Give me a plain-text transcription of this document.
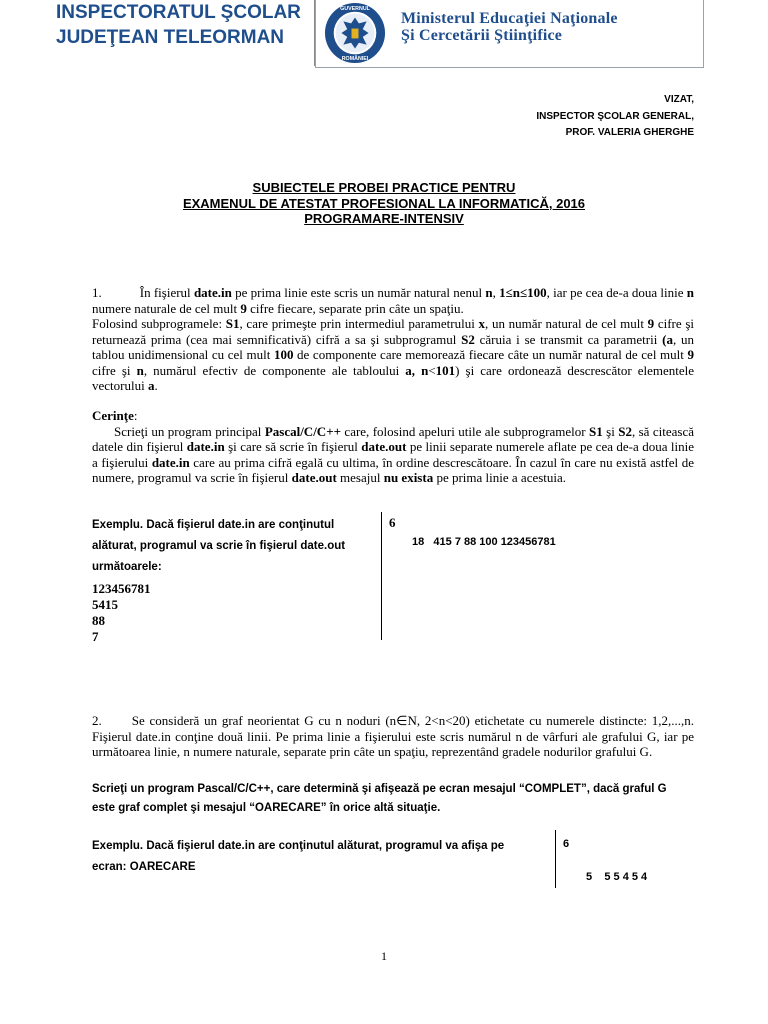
INSPECTORATUL ŞCOLAR
JUDEŢEAN TELEORMAN
GUVERNUL
ROMÂNIEI
Ministerul Educaţiei Naţionale
Şi Cercetării Ştiinţifice
VIZAT,
INSPECTOR ŞCOLAR GENERAL,
PROF. VALERIA GHERGHE
SUBIECTELE PROBEI PRACTICE PENTRU
EXAMENUL DE ATESTAT PROFESIONAL LA INFORMATICĂ, 2016
PROGRAMARE-INTENSIV
1.	În fişierul date.in pe prima linie este scris un număr natural nenul n, 1≤n≤100, iar pe cea de-a doua linie n numere naturale de cel mult 9 cifre fiecare, separate prin câte un spaţiu.
Folosind subprogramele: S1, care primeşte prin intermediul parametrului x, un număr natural de cel mult 9 cifre şi returnează prima (cea mai semnificativă) cifră a sa şi subprogramul S2 căruia i se transmit ca parametrii (a, un tablou unidimensional cu cel mult 100 de componente care memorează fiecare câte un număr natural de cel mult 9 cifre şi n, numărul efectiv de componente ale tabloului a, n<101) şi care ordonează descrescător elementele vectorului a.
Cerinţe:
Scrieţi un program principal Pascal/C/C++ care, folosind apeluri utile ale subprogramelor S1 şi S2, să citească datele din fişierul date.in şi care să scrie în fişierul date.out pe linii separate numerele aflate pe cea de-a doua linie a fişierului date.in care au prima cifră egală cu ultima, în ordine descrescătoare. În cazul în care nu există astfel de numere, programul va scrie în fişierul date.out mesajul nu exista pe prima linie a acestuia.
Exemplu. Dacă fişierul date.in are conţinutul
alăturat, programul va scrie în fişierul date.out
următoarele:
6
18   415 7 88 100 123456781
123456781
5415
88
7
2. Se consideră un graf neorientat G cu n noduri (n∈N, 2<n<20) etichetate cu numerele distincte: 1,2,...,n. Fişierul date.in conţine două linii. Pe prima linie a fişierului este scris numărul n de vârfuri ale grafului G, iar pe următoarea linie, n numere naturale, separate prin câte un spaţiu, reprezentând gradele nodurilor grafului G.
Scrieţi un program Pascal/C/C++, care determină şi afişează pe ecran mesajul “COMPLET”, dacă graful G
este graf complet şi mesajul “OARECARE” în orice altă situaţie.
Exemplu. Dacă fişierul date.in are conţinutul alăturat, programul va afişa pe
ecran: OARECARE
6
5    5 5 4 5 4
1
